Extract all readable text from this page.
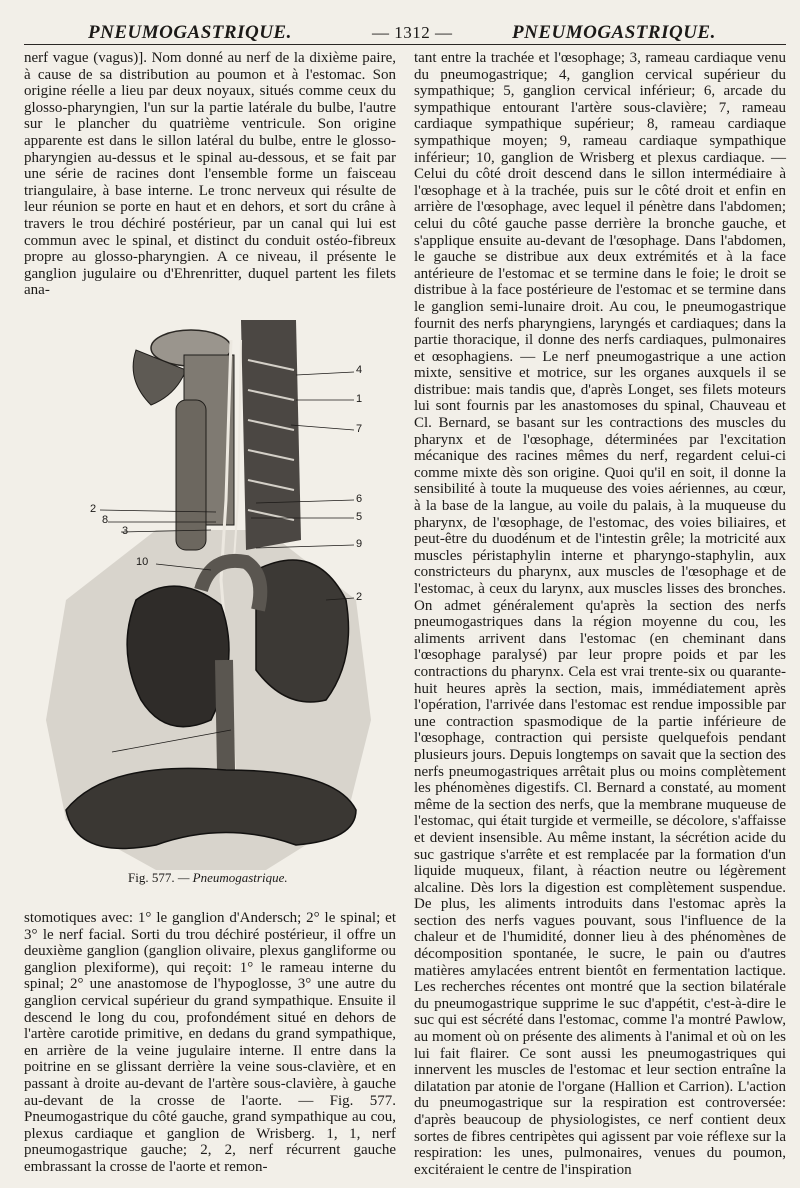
PNEUMOGASTRIQUE.	— 1312 —	PNEUMOGASTRIQUE.

nerf vague (vagus)]. Nom donné au nerf de la dixième paire, à cause de sa distribution au poumon et à l'estomac. Son origine réelle a lieu par deux noyaux, situés comme ceux du glosso-pharyngien, l'un sur la partie latérale du bulbe, l'autre sur le plancher du quatrième ventricule. Son origine apparente est dans le sillon latéral du bulbe, entre le glosso-pharyngien au-dessus et le spinal au-dessous, et se fait par une série de racines dont l'ensemble forme un faisceau triangulaire, à base interne. Le tronc nerveux qui résulte de leur réunion se porte en haut et en dehors, et sort du crâne à travers le trou déchiré postérieur, par un canal qui lui est commun avec le spinal, et distinct du conduit ostéo-fibreux propre au glosso-pharyngien. A ce niveau, il présente le ganglion jugulaire ou d'Ehrenritter, duquel partent les filets ana-

4
1
7
6
5
9
2
3
8
2
10
Fig. 577. — Pneumogastrique.

stomotiques avec: 1° le ganglion d'Andersch; 2° le spinal; et 3° le nerf facial. Sorti du trou déchiré postérieur, il offre un deuxième ganglion (ganglion olivaire, plexus gangliforme ou ganglion plexiforme), qui reçoit: 1° le rameau interne du spinal; 2° une anastomose de l'hypoglosse, 3° une autre du ganglion cervical supérieur du grand sympathique. Ensuite il descend le long du cou, profondément situé en dehors de l'artère carotide primitive, en dedans du grand sympathique, en arrière de la veine jugulaire interne. Il entre dans la poitrine en se glissant derrière la veine sous-clavière, et en passant à droite au-devant de l'artère sous-clavière, à gauche au-devant de la crosse de l'aorte. — Fig. 577. Pneumogastrique du côté gauche, grand sympathique au cou, plexus cardiaque et ganglion de Wrisberg. 1, 1, nerf pneumogastrique gauche; 2, 2, nerf récurrent gauche embrassant la crosse de l'aorte et remon-

tant entre la trachée et l'œsophage; 3, rameau cardiaque venu du pneumogastrique; 4, ganglion cervical supérieur du sympathique; 5, ganglion cervical inférieur; 6, arcade du sympathique entourant l'artère sous-clavière; 7, rameau cardiaque sympathique supérieur; 8, rameau cardiaque sympathique moyen; 9, rameau cardiaque sympathique inférieur; 10, ganglion de Wrisberg et plexus cardiaque. — Celui du côté droit descend dans le sillon intermédiaire à l'œsophage et à la trachée, puis sur le côté droit et enfin en arrière de l'œsophage, avec lequel il pénètre dans l'abdomen; celui du côté gauche passe derrière la bronche gauche, et s'applique ensuite au-devant de l'œsophage. Dans l'abdomen, le gauche se distribue aux deux extrémités et à la face antérieure de l'estomac et se termine dans le foie; le droit se distribue à la face postérieure de l'estomac et se termine dans le ganglion semi-lunaire droit. Au cou, le pneumogastrique fournit des nerfs pharyngiens, laryngés et cardiaques; dans la partie thoracique, il donne des nerfs cardiaques, pulmonaires et œsophagiens. — Le nerf pneumogastrique a une action mixte, sensitive et motrice, sur les organes auxquels il se distribue: mais tandis que, d'après Longet, ses filets moteurs lui sont fournis par les anastomoses du spinal, Chauveau et Cl. Bernard, se basant sur les contractions des muscles du pharynx et de l'œsophage, déterminées par l'excitation mécanique des racines mêmes du nerf, regardent celui-ci comme mixte dès son origine. Quoi qu'il en soit, il donne la sensibilité à toute la muqueuse des voies aériennes, au cœur, à la base de la langue, au voile du palais, à la muqueuse du pharynx, de l'œsophage, de l'estomac, des voies biliaires, et peut-être du duodénum et de l'intestin grêle; la motricité aux muscles péristaphylin interne et pharyngo-staphylin, aux constricteurs du pharynx, aux muscles de l'œsophage et de l'estomac, à ceux du larynx, aux muscles lisses des bronches. On admet généralement qu'après la section des nerfs pneumogastriques dans la région moyenne du cou, les aliments arrivent dans l'estomac (en cheminant dans l'œsophage paralysé) par leur propre poids et par les contractions du pharynx. Cela est vrai trente-six ou quarante-huit heures après la section, mais, immédiatement après l'opération, l'arrivée dans l'estomac est rendue impossible par une contraction spasmodique de la partie inférieure de l'œsophage, contraction qui persiste quelquefois pendant plusieurs jours. Depuis longtemps on savait que la section des nerfs pneumogastriques arrêtait plus ou moins complètement les phénomènes digestifs. Cl. Bernard a constaté, au moment même de la section des nerfs, que la membrane muqueuse de l'estomac, qui était turgide et vermeille, se décolore, s'affaisse et devient insensible. Au même instant, la sécrétion acide du suc gastrique s'arrête et est remplacée par la formation d'un liquide muqueux, filant, à réaction neutre ou légèrement alcaline. Dès lors la digestion est complètement suspendue. De plus, les aliments introduits dans l'estomac après la section des nerfs vagues pouvant, sous l'influence de la chaleur et de l'humidité, donner lieu à des phénomènes de décomposition spontanée, le sucre, le pain ou d'autres matières amylacées entrent bientôt en fermentation lactique. Les recherches récentes ont montré que la section bilatérale du pneumogastrique supprime le suc d'appétit, c'est-à-dire le suc qui est sécrété dans l'estomac, comme l'a montré Pawlow, au moment où on présente des aliments à l'animal et où on les lui fait flairer. Ce sont aussi les pneumogastriques qui innervent les muscles de l'estomac et leur section entraîne la dilatation par atonie de l'organe (Hallion et Carrion). L'action du pneumogastrique sur la respiration est controversée: d'après beaucoup de physiologistes, ce nerf contient deux sortes de fibres centripètes qui agissent par voie réflexe sur la respiration: les unes, pulmonaires, venues du poumon, excitéraient le centre de l'inspiration
